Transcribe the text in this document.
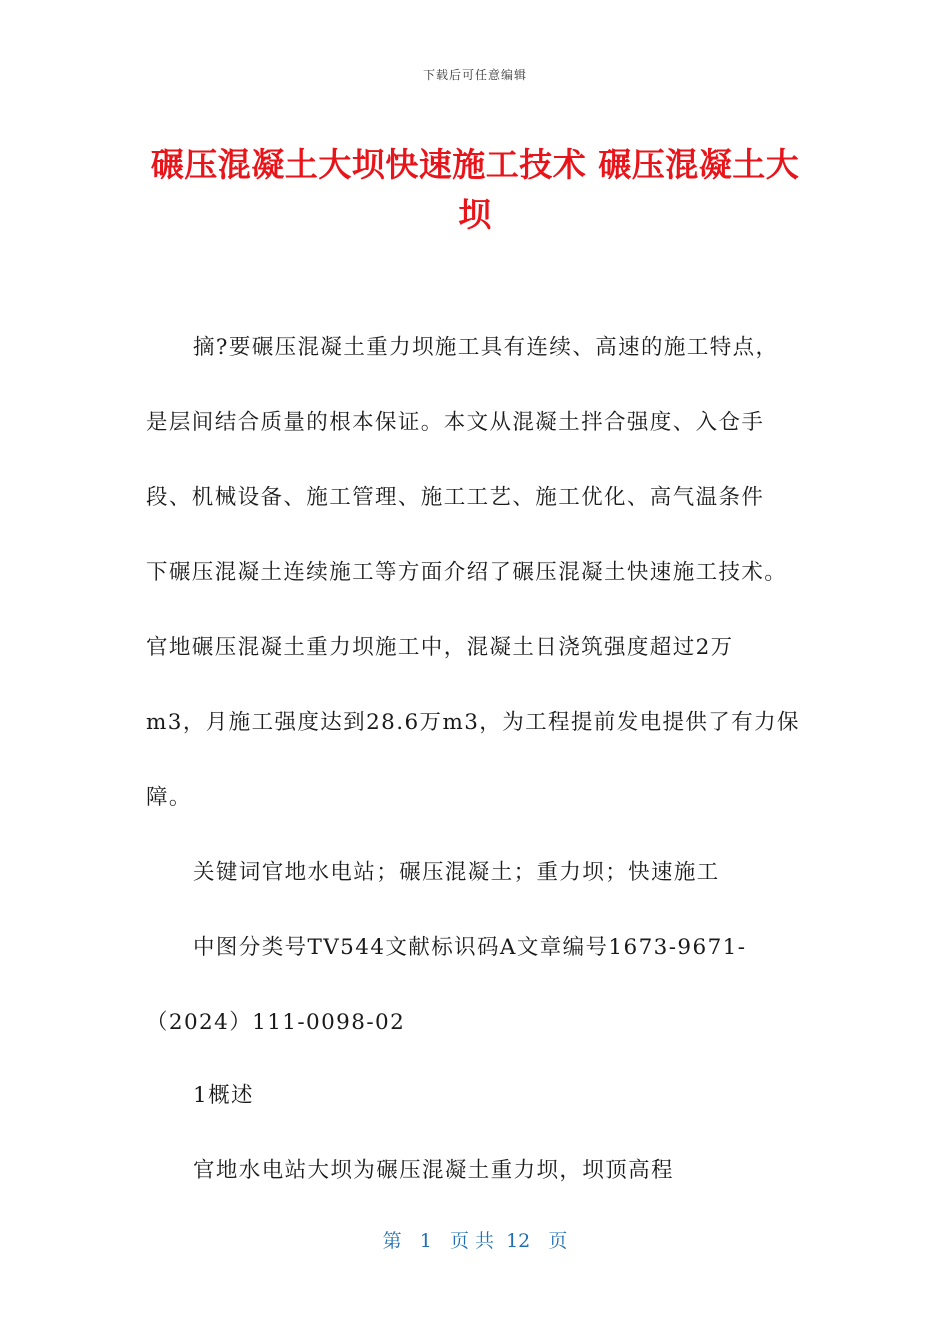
下载后可任意编辑
碾压混凝土大坝快速施工技术 碾压混凝土大
坝
摘?要碾压混凝土重力坝施工具有连续、高速的施工特点，
是层间结合质量的根本保证。本文从混凝土拌合强度、入仓手
段、机械设备、施工管理、施工工艺、施工优化、高气温条件
下碾压混凝土连续施工等方面介绍了碾压混凝土快速施工技术。
官地碾压混凝土重力坝施工中，混凝土日浇筑强度超过2万
m3，月施工强度达到28.6万m3，为工程提前发电提供了有力保
障。
关键词官地水电站；碾压混凝土；重力坝；快速施工
中图分类号TV544文献标识码A文章编号1673-9671-
（2024）111-0098-02
1概述
官地水电站大坝为碾压混凝土重力坝，坝顶高程
第 1 页 共 12 页
